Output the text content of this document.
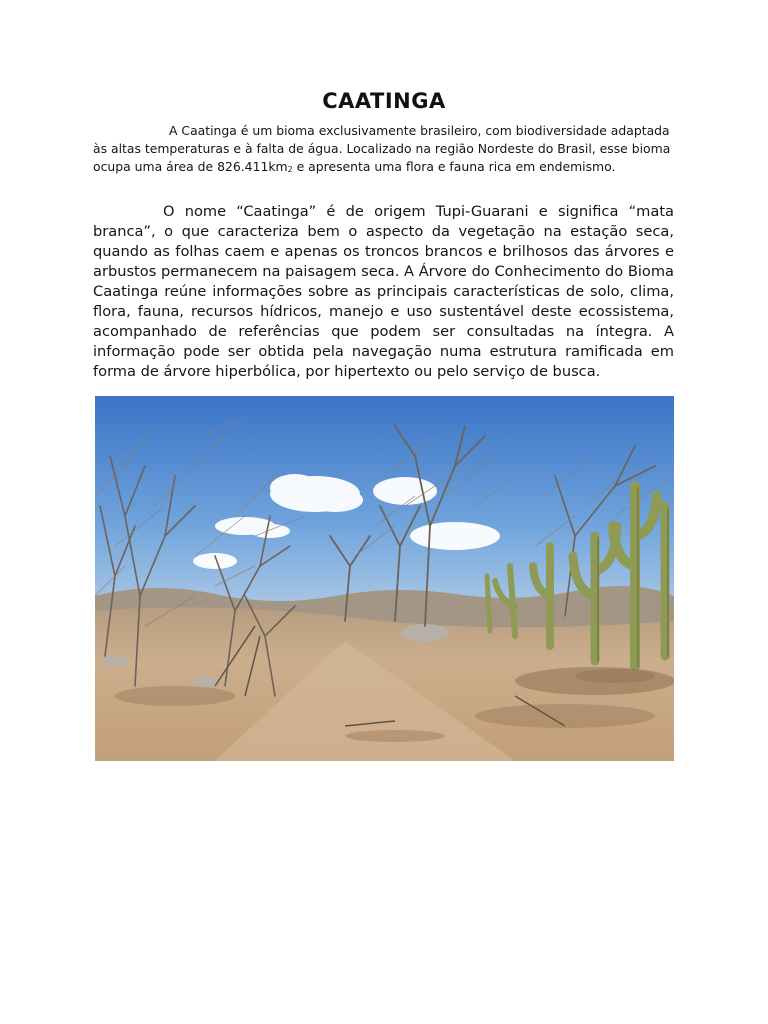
CAATINGA

A Caatinga é um bioma exclusivamente brasileiro, com biodiversidade adaptada às altas temperaturas e à falta de água. Localizado na região Nordeste do Brasil, esse bioma ocupa uma área de $826.411km_2$ e apresenta uma flora e fauna rica em endemismo.

O nome “Caatinga” é de origem Tupi-Guarani e significa “mata branca”, o que caracteriza bem o aspecto da vegetação na estação seca, quando as folhas caem e apenas os troncos brancos e brilhosos das árvores e arbustos permanecem na paisagem seca. A Árvore do Conhecimento do Bioma Caatinga reúne informações sobre as principais características de solo, clima, flora, fauna, recursos hídricos, manejo e uso sustentável deste ecossistema, acompanhado de referências que podem ser consultadas na íntegra. A informação pode ser obtida pela navegação numa estrutura ramificada em forma de árvore hiperbólica, por hipertexto ou pelo serviço de busca.
